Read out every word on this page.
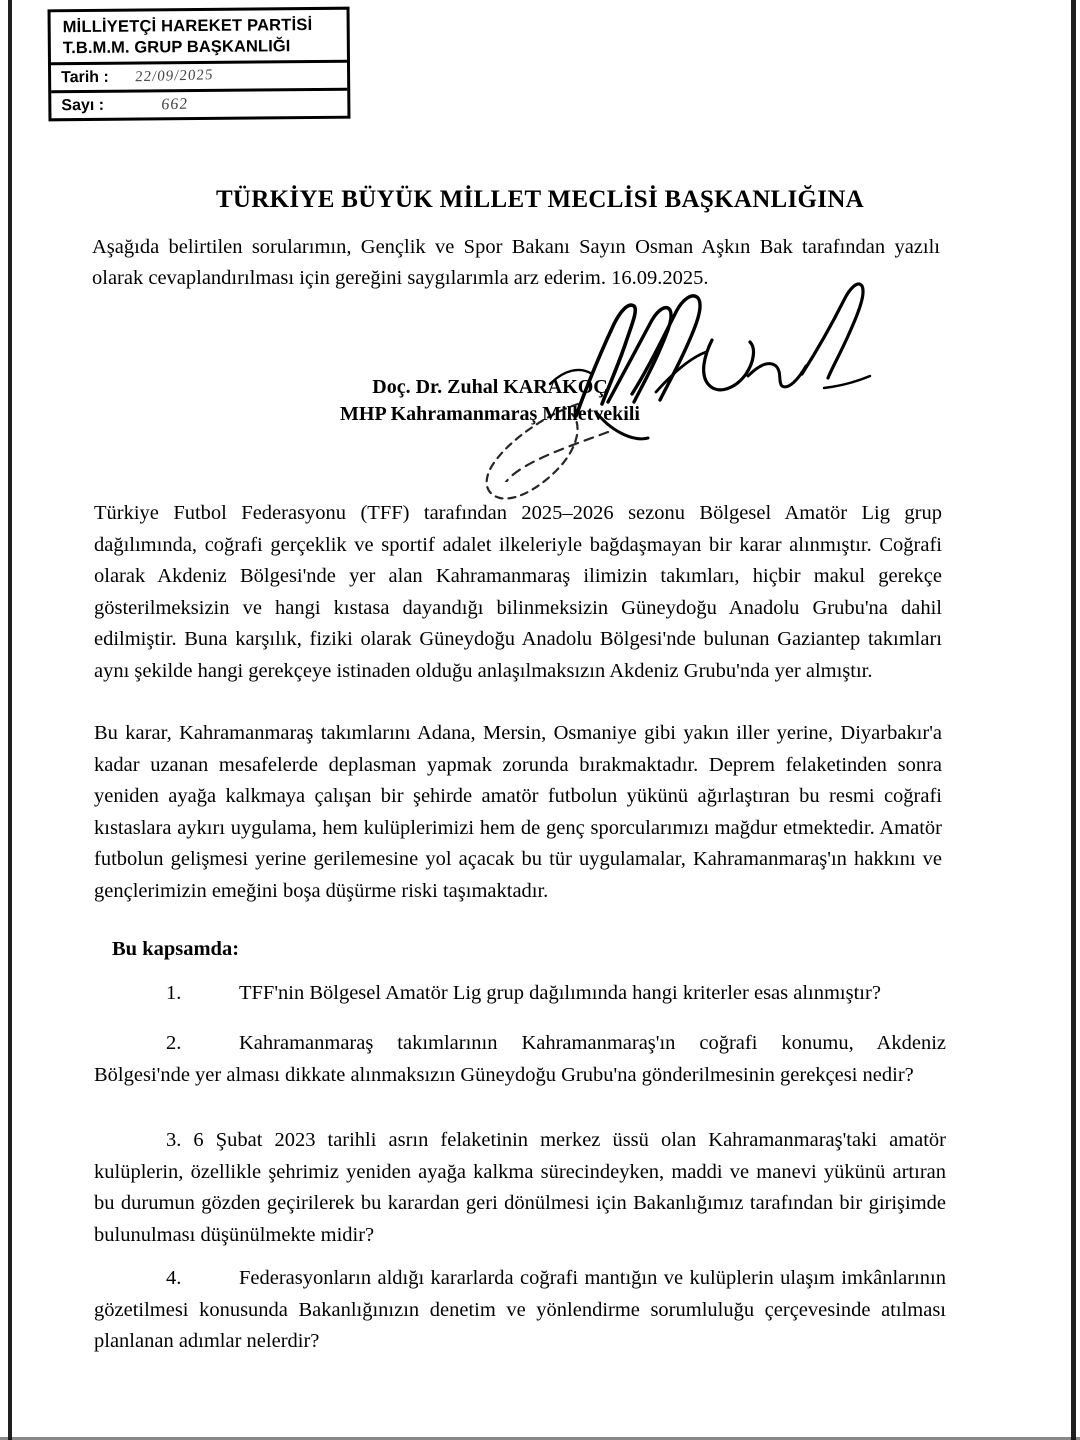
MİLLİYETÇİ HAREKET PARTİSİ
T.B.M.M. GRUP BAŞKANLIĞI
Tarih :	22/09/2025
Sayı :	662
TÜRKİYE BÜYÜK MİLLET MECLİSİ BAŞKANLIĞINA
Aşağıda belirtilen sorularımın, Gençlik ve Spor Bakanı Sayın Osman Aşkın Bak tarafından yazılı olarak cevaplandırılması için gereğini saygılarımla arz ederim. 16.09.2025.
Doç. Dr. Zuhal KARAKOÇ
MHP Kahramanmaraş Milletvekili
Türkiye Futbol Federasyonu (TFF) tarafından 2025–2026 sezonu Bölgesel Amatör Lig grup dağılımında, coğrafi gerçeklik ve sportif adalet ilkeleriyle bağdaşmayan bir karar alınmıştır. Coğrafi olarak Akdeniz Bölgesi'nde yer alan Kahramanmaraş ilimizin takımları, hiçbir makul gerekçe gösterilmeksizin ve hangi kıstasa dayandığı bilinmeksizin Güneydoğu Anadolu Grubu'na dahil edilmiştir. Buna karşılık, fiziki olarak Güneydoğu Anadolu Bölgesi'nde bulunan Gaziantep takımları aynı şekilde hangi gerekçeye istinaden olduğu anlaşılmaksızın Akdeniz Grubu'nda yer almıştır.
Bu karar, Kahramanmaraş takımlarını Adana, Mersin, Osmaniye gibi yakın iller yerine, Diyarbakır'a kadar uzanan mesafelerde deplasman yapmak zorunda bırakmaktadır. Deprem felaketinden sonra yeniden ayağa kalkmaya çalışan bir şehirde amatör futbolun yükünü ağırlaştıran bu resmi coğrafi kıstaslara aykırı uygulama, hem kulüplerimizi hem de genç sporcularımızı mağdur etmektedir. Amatör futbolun gelişmesi yerine gerilemesine yol açacak bu tür uygulamalar, Kahramanmaraş'ın hakkını ve gençlerimizin emeğini boşa düşürme riski taşımaktadır.
Bu kapsamda:
1.	TFF'nin Bölgesel Amatör Lig grup dağılımında hangi kriterler esas alınmıştır?
2.	Kahramanmaraş takımlarının Kahramanmaraş'ın coğrafi konumu, Akdeniz Bölgesi'nde yer alması dikkate alınmaksızın Güneydoğu Grubu'na gönderilmesinin gerekçesi nedir?
3. 6 Şubat 2023 tarihli asrın felaketinin merkez üssü olan Kahramanmaraş'taki amatör kulüplerin, özellikle şehrimiz yeniden ayağa kalkma sürecindeyken, maddi ve manevi yükünü artıran bu durumun gözden geçirilerek bu karardan geri dönülmesi için Bakanlığımız tarafından bir girişimde bulunulması düşünülmekte midir?
4.	Federasyonların aldığı kararlarda coğrafi mantığın ve kulüplerin ulaşım imkânlarının gözetilmesi konusunda Bakanlığınızın denetim ve yönlendirme sorumluluğu çerçevesinde atılması planlanan adımlar nelerdir?
